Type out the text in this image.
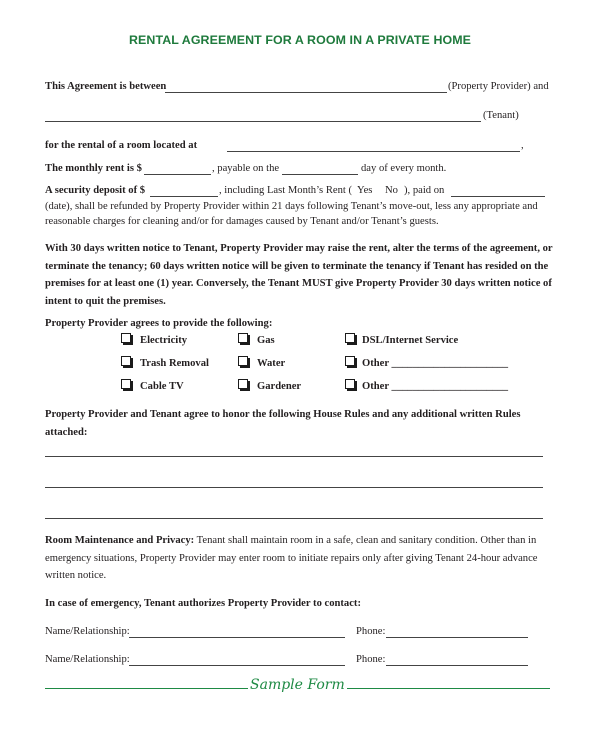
RENTAL AGREEMENT FOR A ROOM IN A PRIVATE HOME
This Agreement is between	(Property Provider) and
(Tenant)
for the rental of a room located at	,
The monthly rent is $	, payable on the	day of every month.
A security deposit of $	, including Last Month’s Rent ( Yes No ), paid on
(date), shall be refunded by Property Provider within 21 days following Tenant’s move-out, less any appropriate and
reasonable charges for cleaning and/or for damages caused by Tenant and/or Tenant’s guests.
With 30 days written notice to Tenant, Property Provider may raise the rent, alter the terms of the agreement, or terminate the tenancy; 60 days written notice will be given to terminate the tenancy if Tenant has resided on the premises for at least one (1) year. Conversely, the Tenant MUST give Property Provider 30 days written notice of intent to quit the premises.
Property Provider agrees to provide the following:
Electricity	Gas	DSL/Internet Service
Trash Removal	Water	Other ______________________
Cable TV	Gardener	Other ______________________
Property Provider and Tenant agree to honor the following House Rules and any additional written Rules attached:
Room Maintenance and Privacy: Tenant shall maintain room in a safe, clean and sanitary condition. Other than in emergency situations, Property Provider may enter room to initiate repairs only after giving Tenant 24-hour advance written notice.
In case of emergency, Tenant authorizes Property Provider to contact:
Name/Relationship:	Phone:
Name/Relationship:	Phone:
Sample Form
